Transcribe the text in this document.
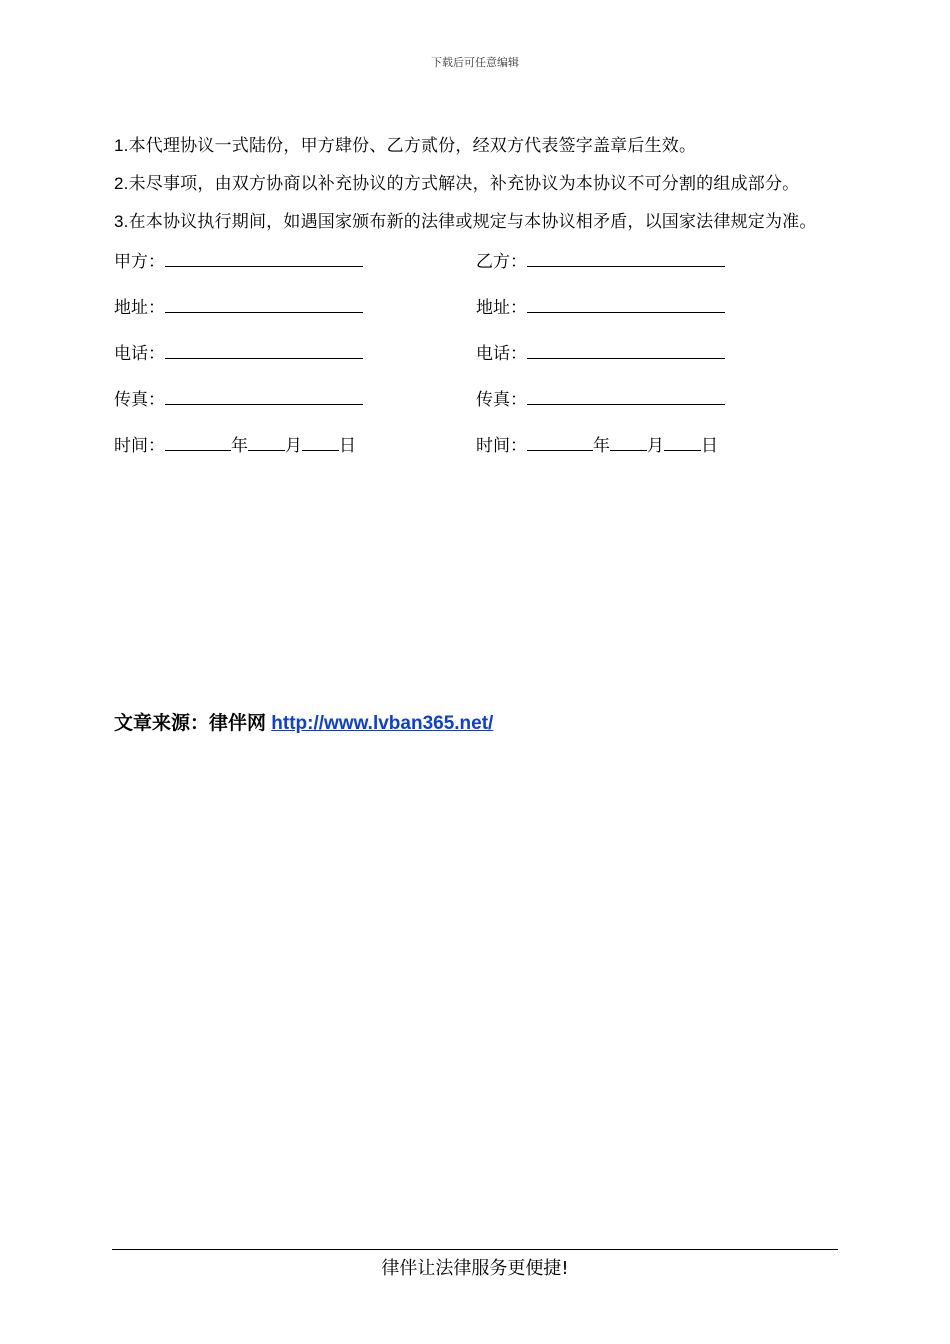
下载后可任意编辑

1.本代理协议一式陆份，甲方肆份、乙方贰份，经双方代表签字盖章后生效。

2.未尽事项，由双方协商以补充协议的方式解决，补充协议为本协议不可分割的组成部分。

3.在本协议执行期间，如遇国家颁布新的法律或规定与本协议相矛盾，以国家法律规定为准。

甲方：	乙方：
地址：	地址：
电话：	电话：
传真：	传真：
时间：	年 月 日	时间：	年 月 日
文章来源：律伴网 http://www.lvban365.net/
律伴让法律服务更便捷!
